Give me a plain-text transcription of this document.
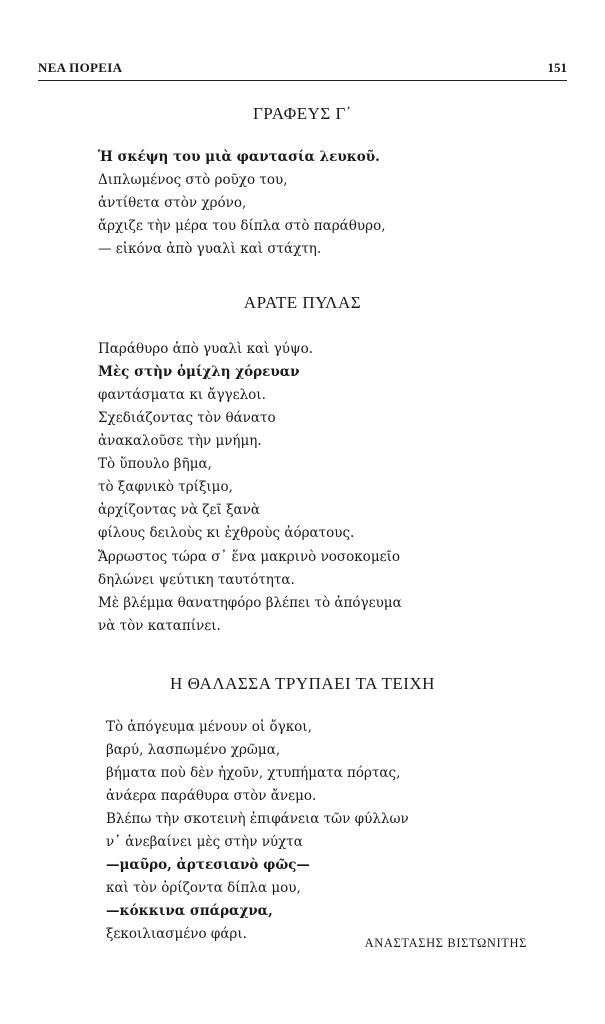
ΝΕΑ ΠΟΡΕΙΑ	151
ΓΡΑΦΕΥΣ Γ΄
Ἡ σκέψη του μιὰ φαντασία λευκοῦ.
Διπλωμένος στὸ ροῦχο του,
ἀντίθετα στὸν χρόνο,
ἄρχιζε τὴν μέρα του δίπλα στὸ παράθυρο,
— εἰκόνα ἀπὸ γυαλὶ καὶ στάχτη.
ΑΡΑΤΕ ΠΥΛΑΣ
Παράθυρο ἀπὸ γυαλὶ καὶ γύψο.
Μὲς στὴν ὁμίχλη χόρευαν
φαντάσματα κι ἄγγελοι.
Σχεδιάζοντας τὸν θάνατο
ἀνακαλοῦσε τὴν μνήμη.
Τὸ ὕπουλο βῆμα,
τὸ ξαφνικὸ τρίξιμο,
ἀρχίζοντας νὰ ζεῖ ξανὰ
φίλους δειλοὺς κι ἐχθροὺς ἀόρατους.
Ἄρρωστος τώρα σ᾽ ἕνα μακρινὸ νοσοκομεῖο
δηλώνει ψεύτικη ταυτότητα.
Μὲ βλέμμα θανατηφόρο βλέπει τὸ ἀπόγευμα
νὰ τὸν καταπίνει.
Η ΘΑΛΑΣΣΑ ΤΡΥΠΑΕΙ ΤΑ ΤΕΙΧΗ
Τὸ ἀπόγευμα μένουν οἱ ὄγκοι,
βαρύ, λασπωμένο χρῶμα,
βήματα ποὺ δὲν ἠχοῦν, χτυπήματα πόρτας,
ἀνάερα παράθυρα στὸν ἄνεμο.
Βλέπω τὴν σκοτεινὴ ἐπιφάνεια τῶν φύλλων
ν᾽ ἀνεβαίνει μὲς στὴν νύχτα
—μαῦρο, ἀρτεσιανὸ φῶς—
καὶ τὸν ὁρίζοντα δίπλα μου,
—κόκκινα σπάραχνα,
ξεκοιλιασμένο φάρι.
ΑΝΑΣΤΑΣΗΣ ΒΙΣΤΩΝΙΤΗΣ
